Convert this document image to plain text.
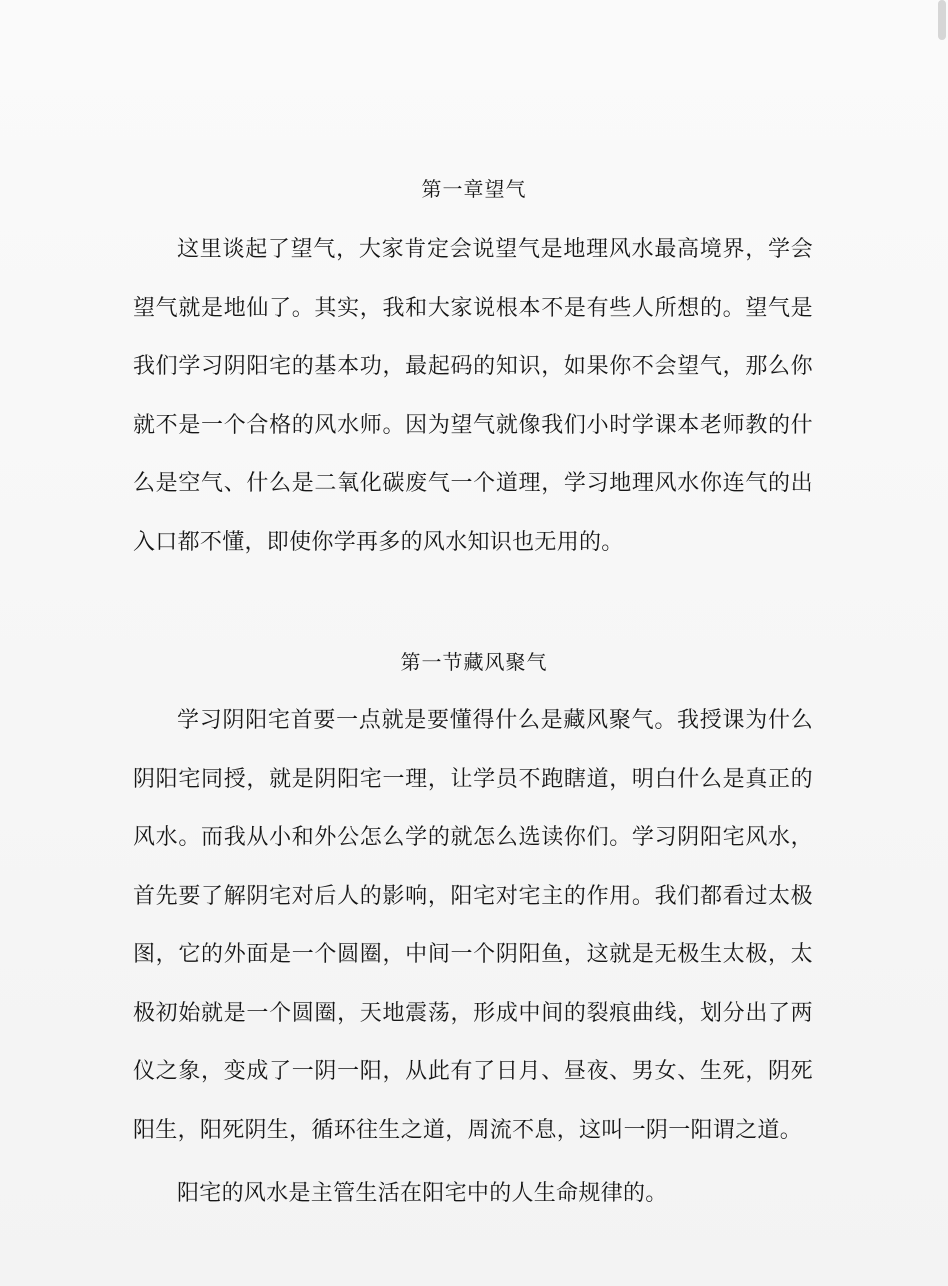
第一章望气

这里谈起了望气，大家肯定会说望气是地理风水最高境界，学会望气就是地仙了。其实，我和大家说根本不是有些人所想的。望气是我们学习阴阳宅的基本功，最起码的知识，如果你不会望气，那么你就不是一个合格的风水师。因为望气就像我们小时学课本老师教的什么是空气、什么是二氧化碳废气一个道理，学习地理风水你连气的出入口都不懂，即使你学再多的风水知识也无用的。

第一节藏风聚气

学习阴阳宅首要一点就是要懂得什么是藏风聚气。我授课为什么阴阳宅同授，就是阴阳宅一理，让学员不跑瞎道，明白什么是真正的风水。而我从小和外公怎么学的就怎么选读你们。学习阴阳宅风水，首先要了解阴宅对后人的影响，阳宅对宅主的作用。我们都看过太极图，它的外面是一个圆圈，中间一个阴阳鱼，这就是无极生太极，太极初始就是一个圆圈，天地震荡，形成中间的裂痕曲线，划分出了两仪之象，变成了一阴一阳，从此有了日月、昼夜、男女、生死，阴死阳生，阳死阴生，循环往生之道，周流不息，这叫一阴一阳谓之道。

阳宅的风水是主管生活在阳宅中的人生命规律的。
